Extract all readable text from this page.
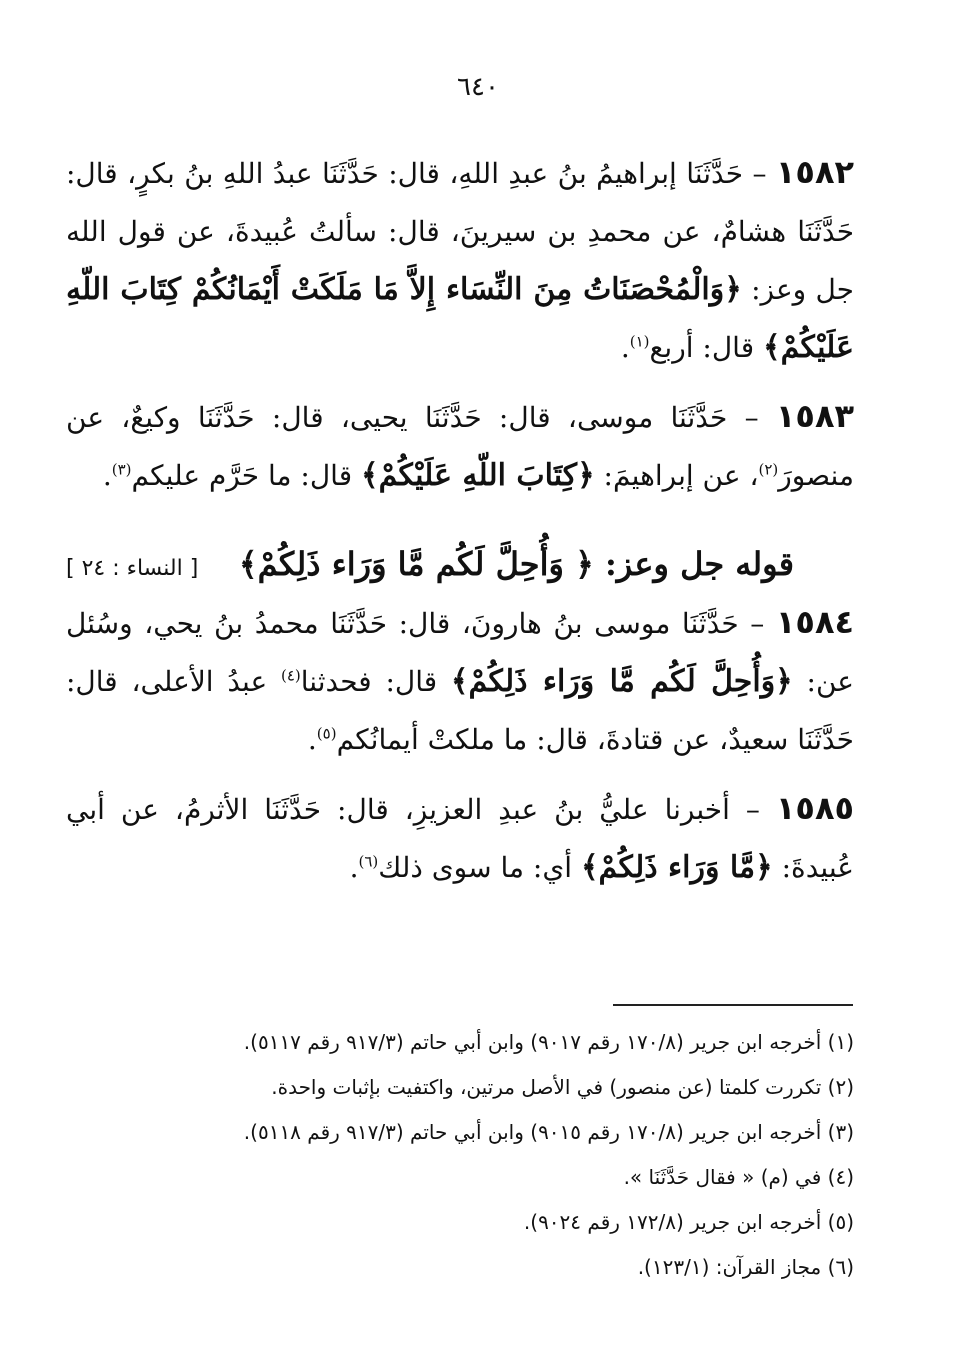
٦٤٠

١٥٨٢ – حَدَّثَنَا إبراهيمُ بنُ عبدِ اللهِ، قال: حَدَّثَنَا عبدُ اللهِ بنُ بكرٍ، قال: حَدَّثَنَا هشامٌ، عن محمدِ بن سيرينَ، قال: سألتُ عُبيدةَ، عن قول الله جل وعز: ﴿وَالْمُحْصَنَاتُ مِنَ النِّسَاء إِلاَّ مَا مَلَكَتْ أَيْمَانُكُمْ كِتَابَ اللّهِ عَلَيْكُمْ﴾ قال: أربع$^{(١)}$.

١٥٨٣ – حَدَّثَنَا موسى، قال: حَدَّثَنَا يحيى، قال: حَدَّثَنَا وكيعٌ، عن منصورَ$^{(٢)}$، عن إبراهيمَ: ﴿كِتَابَ اللّهِ عَلَيْكُمْ﴾ قال: ما حَرَّم عليكم$^{(٣)}$.

قوله جل وعز: ﴿ وَأُحِلَّ لَكُم مَّا وَرَاء ذَلِكُمْ﴾
[ النساء : ٢٤ ]

١٥٨٤ – حَدَّثَنَا موسى بنُ هارونَ، قال: حَدَّثَنَا محمدُ بنُ يحي، وسُئل عن: ﴿وَأُحِلَّ لَكُم مَّا وَرَاء ذَلِكُمْ﴾ قال: فحدثنا$^{(٤)}$ عبدُ الأعلى، قال: حَدَّثَنَا سعيدٌ، عن قتادةَ، قال: ما ملكتْ أيمانُكم$^{(٥)}$.

١٥٨٥ – أخبرنا عليُّ بنُ عبدِ العزيزِ، قال: حَدَّثَنَا الأثرمُ، عن أبي عُبيدةَ: ﴿مَّا وَرَاء ذَلِكُمْ﴾ أي: ما سوى ذلك$^{(٦)}$.

(١) أخرجه ابن جرير (١٧٠/٨ رقم ٩٠١٧) وابن أبي حاتم (٩١٧/٣ رقم ٥١١٧).
(٢) تكررت كلمتا (عن منصور) في الأصل مرتين، واكتفيت بإثبات واحدة.
(٣) أخرجه ابن جرير (١٧٠/٨ رقم ٩٠١٥) وابن أبي حاتم (٩١٧/٣ رقم ٥١١٨).
(٤) في (م) « فقال حَدَّثَنَا ».
(٥) أخرجه ابن جرير (١٧٢/٨ رقم ٩٠٢٤).
(٦) مجاز القرآن: (١٢٣/١).
